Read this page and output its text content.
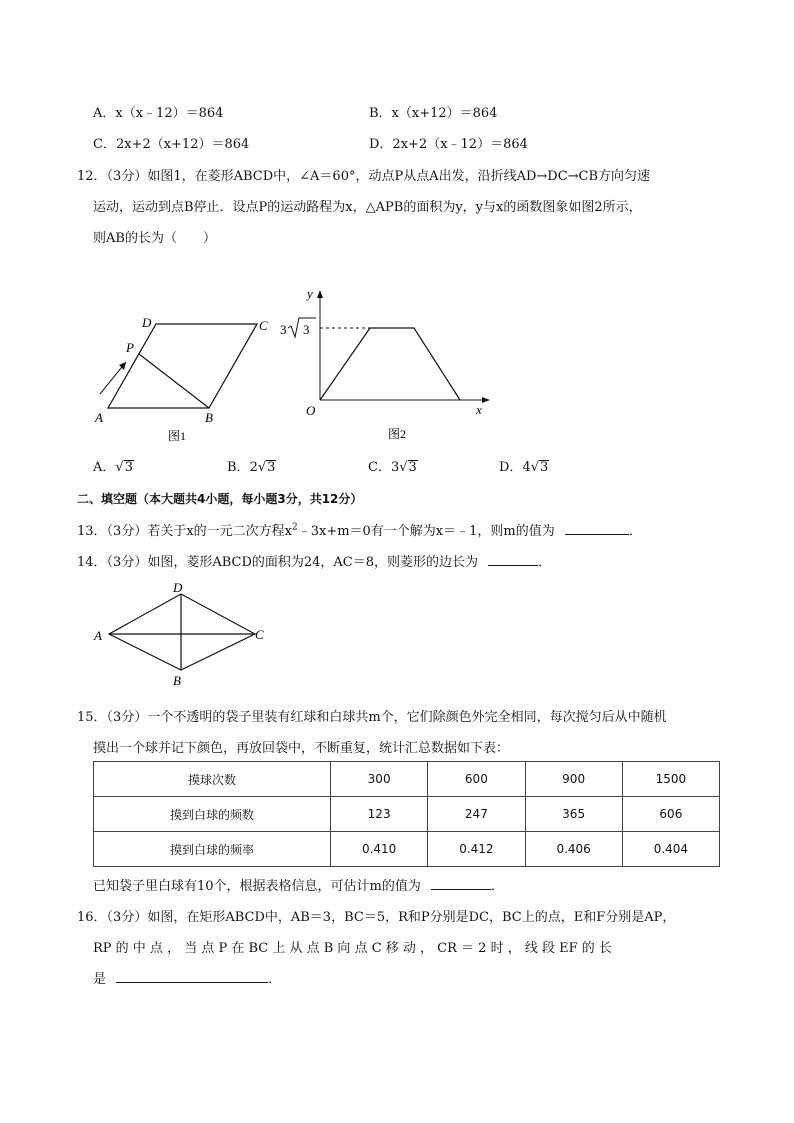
A．x（x﹣12）＝864	B．x（x+12）＝864
C．2x+2（x+12）＝864	D．2x+2（x﹣12）＝864
12．（3分）如图1，在菱形ABCD中，∠A＝60°，动点P从点A出发，沿折线AD→DC→CB方向匀速
运动，运动到点B停止．设点P的运动路程为x，△APB的面积为y，y与x的函数图象如图2所示，
则AB的长为（　　）
A	B
C
D
P
图1
y
x
O
3 3
图2
A．√3	B．2√3	C．3√3	D．4√3
二、填空题（本大题共4小题，每小题3分，共12分）
13．（3分）若关于x的一元二次方程$x^2﹣3x+m=0$有一个解为x＝﹣1，则m的值为	．
14．（3分）如图，菱形ABCD的面积为24，AC＝8，则菱形的边长为	．
A
B
C
D
15．（3分）一个不透明的袋子里装有红球和白球共m个，它们除颜色外完全相同，每次搅匀后从中随机
摸出一个球并记下颜色，再放回袋中，不断重复，统计汇总数据如下表：
摸球次数	300	600	900	1500
摸到白球的频数	123	247	365	606
摸到白球的频率	0.410	0.412	0.406	0.404
已知袋子里白球有10个，根据表格信息，可估计m的值为	．
16．（3分）如图，在矩形ABCD中，AB＝3，BC＝5，R和P分别是DC，BC上的点，E和F分别是AP，
RP 的 中 点 ， 当 点 P 在 BC 上 从 点 B 向 点 C 移 动 ， CR ＝ 2 时 ， 线 段 EF 的 长
是	．
